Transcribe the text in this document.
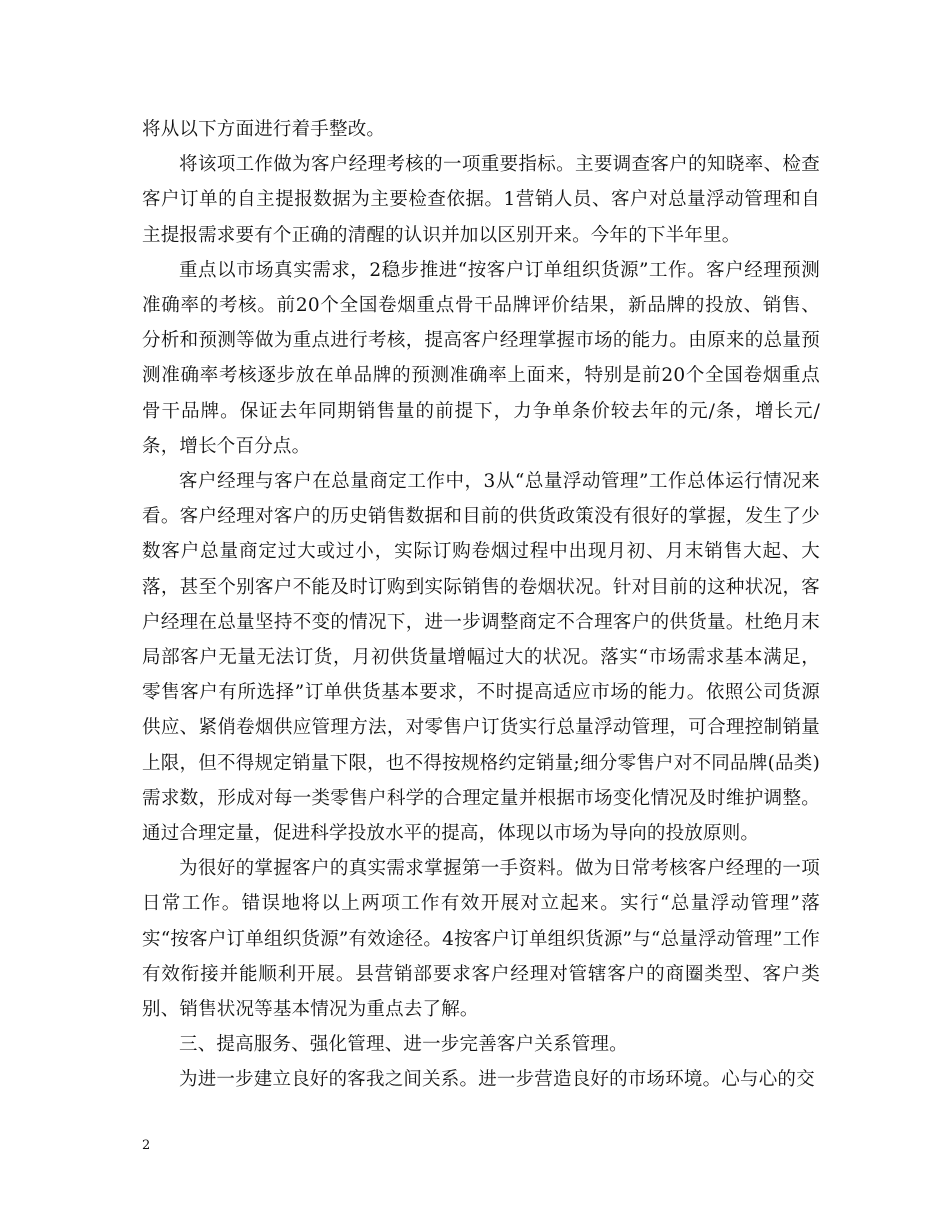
将从以下方面进行着手整改。

将该项工作做为客户经理考核的一项重要指标。主要调查客户的知晓率、检查客户订单的自主提报数据为主要检查依据。1营销人员、客户对总量浮动管理和自主提报需求要有个正确的清醒的认识并加以区别开来。今年的下半年里。

重点以市场真实需求，2稳步推进“按客户订单组织货源”工作。客户经理预测准确率的考核。前20个全国卷烟重点骨干品牌评价结果，新品牌的投放、销售、分析和预测等做为重点进行考核，提高客户经理掌握市场的能力。由原来的总量预测准确率考核逐步放在单品牌的预测准确率上面来，特别是前20个全国卷烟重点骨干品牌。保证去年同期销售量的前提下，力争单条价较去年的元/条，增长元/条，增长个百分点。

客户经理与客户在总量商定工作中，3从“总量浮动管理”工作总体运行情况来看。客户经理对客户的历史销售数据和目前的供货政策没有很好的掌握，发生了少数客户总量商定过大或过小，实际订购卷烟过程中出现月初、月末销售大起、大落，甚至个别客户不能及时订购到实际销售的卷烟状况。针对目前的这种状况，客户经理在总量坚持不变的情况下，进一步调整商定不合理客户的供货量。杜绝月末局部客户无量无法订货，月初供货量增幅过大的状况。落实“市场需求基本满足，零售客户有所选择”订单供货基本要求，不时提高适应市场的能力。依照公司货源供应、紧俏卷烟供应管理方法，对零售户订货实行总量浮动管理，可合理控制销量上限，但不得规定销量下限，也不得按规格约定销量;细分零售户对不同品牌(品类)需求数，形成对每一类零售户科学的合理定量并根据市场变化情况及时维护调整。通过合理定量，促进科学投放水平的提高，体现以市场为导向的投放原则。

为很好的掌握客户的真实需求掌握第一手资料。做为日常考核客户经理的一项日常工作。错误地将以上两项工作有效开展对立起来。实行“总量浮动管理”落实“按客户订单组织货源”有效途径。4按客户订单组织货源”与“总量浮动管理”工作有效衔接并能顺利开展。县营销部要求客户经理对管辖客户的商圈类型、客户类别、销售状况等基本情况为重点去了解。

三、提高服务、强化管理、进一步完善客户关系管理。

为进一步建立良好的客我之间关系。进一步营造良好的市场环境。心与心的交

2
